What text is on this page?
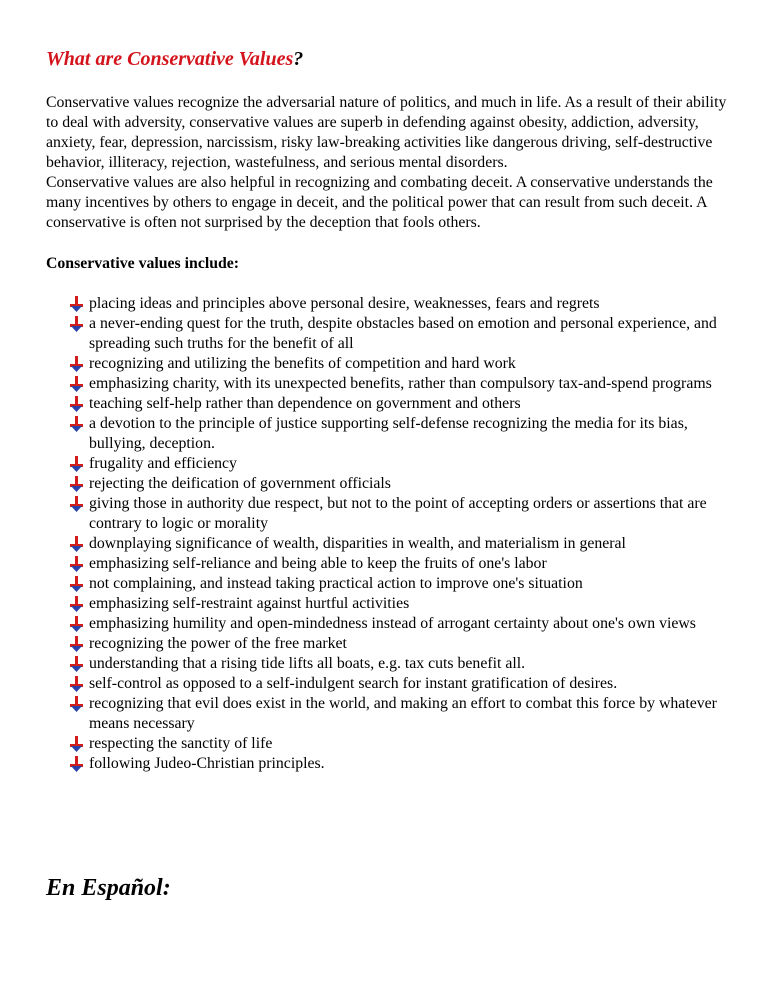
What are Conservative Values?

Conservative values recognize the adversarial nature of politics, and much in life. As a result of their ability to deal with adversity, conservative values are superb in defending against obesity, addiction, adversity, anxiety, fear, depression, narcissism, risky law-breaking activities like dangerous driving, self-destructive behavior, illiteracy, rejection, wastefulness, and serious mental disorders.

Conservative values are also helpful in recognizing and combating deceit. A conservative understands the many incentives by others to engage in deceit, and the political power that can result from such deceit. A conservative is often not surprised by the deception that fools others.

Conservative values include:

placing ideas and principles above personal desire, weaknesses, fears and regrets
a never-ending quest for the truth, despite obstacles based on emotion and personal experience, and spreading such truths for the benefit of all
recognizing and utilizing the benefits of competition and hard work
emphasizing charity, with its unexpected benefits, rather than compulsory tax-and-spend programs
teaching self-help rather than dependence on government and others
a devotion to the principle of justice supporting self-defense recognizing the media for its bias, bullying, deception.
frugality and efficiency
rejecting the deification of government officials
giving those in authority due respect, but not to the point of accepting orders or assertions that are contrary to logic or morality
downplaying significance of wealth, disparities in wealth, and materialism in general
emphasizing self-reliance and being able to keep the fruits of one's labor
not complaining, and instead taking practical action to improve one's situation
emphasizing self-restraint against hurtful activities
emphasizing humility and open-mindedness instead of arrogant certainty about one's own views
recognizing the power of the free market
understanding that a rising tide lifts all boats, e.g. tax cuts benefit all.
self-control as opposed to a self-indulgent search for instant gratification of desires.
recognizing that evil does exist in the world, and making an effort to combat this force by whatever means necessary
respecting the sanctity of life
following Judeo-Christian principles.
En Español:
